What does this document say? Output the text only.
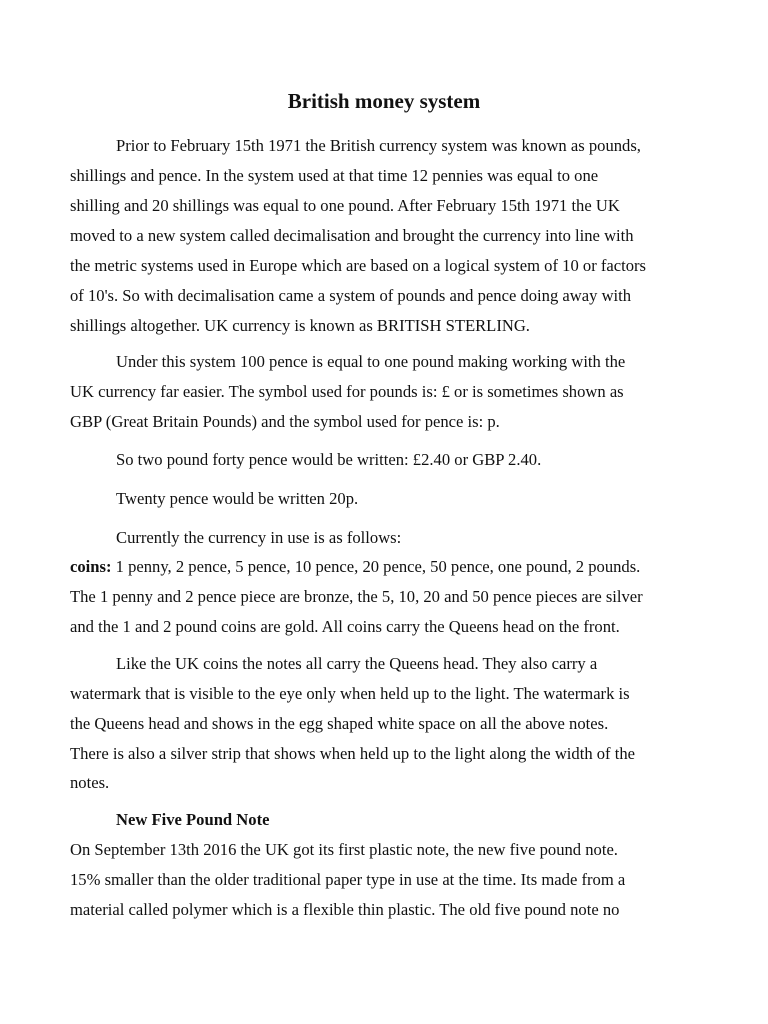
British money system
Prior to February 15th 1971 the British currency system was known as pounds,
shillings and pence. In the system used at that time 12 pennies was equal to one
shilling and 20 shillings was equal to one pound. After February 15th 1971 the UK
moved to a new system called decimalisation and brought the currency into line with
the metric systems used in Europe which are based on a logical system of 10 or factors
of 10's. So with decimalisation came a system of pounds and pence doing away with
shillings altogether. UK currency is known as BRITISH STERLING.
Under this system 100 pence is equal to one pound making working with the
UK currency far easier. The symbol used for pounds is: £ or is sometimes shown as
GBP (Great Britain Pounds) and the symbol used for pence is: p.
So two pound forty pence would be written: £2.40 or GBP 2.40.
Twenty pence would be written 20p.
Currently the currency in use is as follows:
coins: 1 penny, 2 pence, 5 pence, 10 pence, 20 pence, 50 pence, one pound, 2 pounds.
The 1 penny and 2 pence piece are bronze, the 5, 10, 20 and 50 pence pieces are silver
and the 1 and 2 pound coins are gold. All coins carry the Queens head on the front.
Like the UK coins the notes all carry the Queens head. They also carry a
watermark that is visible to the eye only when held up to the light. The watermark is
the Queens head and shows in the egg shaped white space on all the above notes.
There is also a silver strip that shows when held up to the light along the width of the
notes.
New Five Pound Note
On September 13th 2016 the UK got its first plastic note, the new five pound note.
15% smaller than the older traditional paper type in use at the time. Its made from a
material called polymer which is a flexible thin plastic. The old five pound note no
